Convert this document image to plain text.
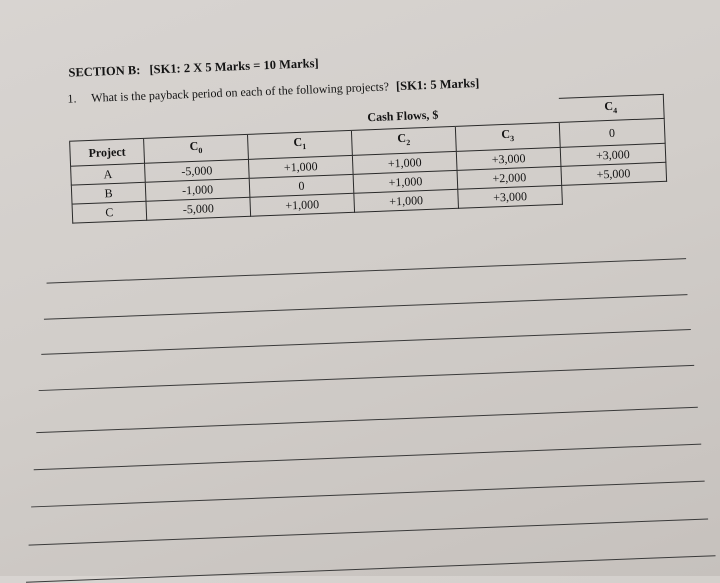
SECTION B: [SK1: 2 X 5 Marks = 10 Marks]
1. What is the payback period on each of the following projects? [SK1: 5 Marks]
			Cash Flows, $		$C_4$
Project	$C_0$	$C_1$	$C_2$	$C_3$	0
A	-5,000	+1,000	+1,000	+3,000	+3,000
B	-1,000	0	+1,000	+2,000	+5,000
C	-5,000	+1,000	+1,000	+3,000	
